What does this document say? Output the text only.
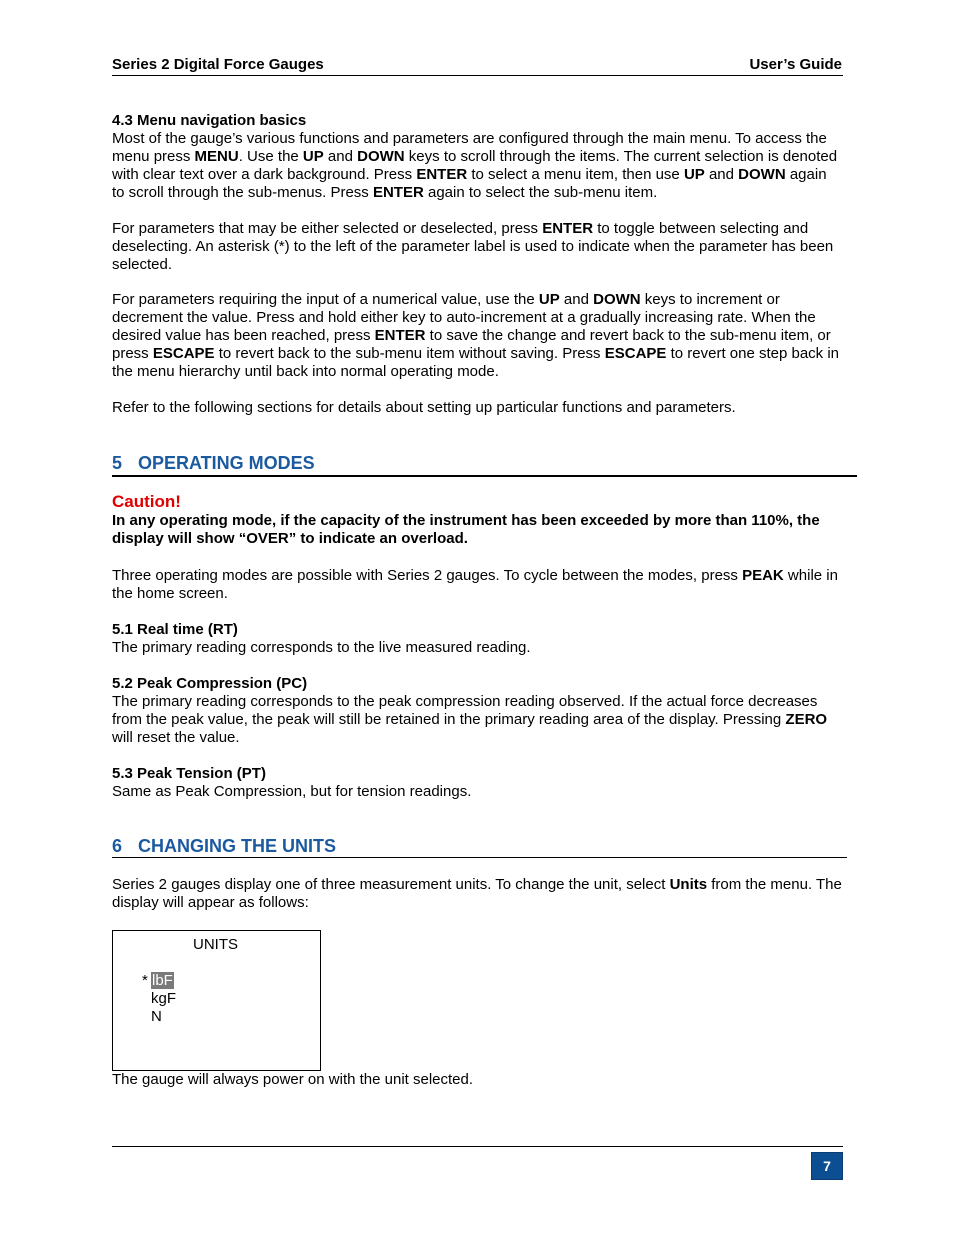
Series 2 Digital Force Gauges	User’s Guide

4.3 Menu navigation basics

Most of the gauge’s various functions and parameters are configured through the main menu. To access the menu press MENU. Use the UP and DOWN keys to scroll through the items. The current selection is denoted with clear text over a dark background. Press ENTER to select a menu item, then use UP and DOWN again to scroll through the sub-menus. Press ENTER again to select the sub-menu item.

For parameters that may be either selected or deselected, press ENTER to toggle between selecting and deselecting. An asterisk (*) to the left of the parameter label is used to indicate when the parameter has been selected.

For parameters requiring the input of a numerical value, use the UP and DOWN keys to increment or decrement the value. Press and hold either key to auto-increment at a gradually increasing rate. When the desired value has been reached, press ENTER to save the change and revert back to the sub-menu item, or press ESCAPE to revert back to the sub-menu item without saving. Press ESCAPE to revert one step back in the menu hierarchy until back into normal operating mode.

Refer to the following sections for details about setting up particular functions and parameters.

5 OPERATING MODES
Caution!

In any operating mode, if the capacity of the instrument has been exceeded by more than 110%, the display will show “OVER” to indicate an overload.

Three operating modes are possible with Series 2 gauges. To cycle between the modes, press PEAK while in the home screen.

5.1 Real time (RT)

The primary reading corresponds to the live measured reading.

5.2 Peak Compression (PC)

The primary reading corresponds to the peak compression reading observed. If the actual force decreases from the peak value, the peak will still be retained in the primary reading area of the display. Pressing ZERO will reset the value.

5.3 Peak Tension (PT)

Same as Peak Compression, but for tension readings.

6 CHANGING THE UNITS

Series 2 gauges display one of three measurement units. To change the unit, select Units from the menu. The display will appear as follows:

UNITS
* lbF
kgF
N

The gauge will always power on with the unit selected.

7
